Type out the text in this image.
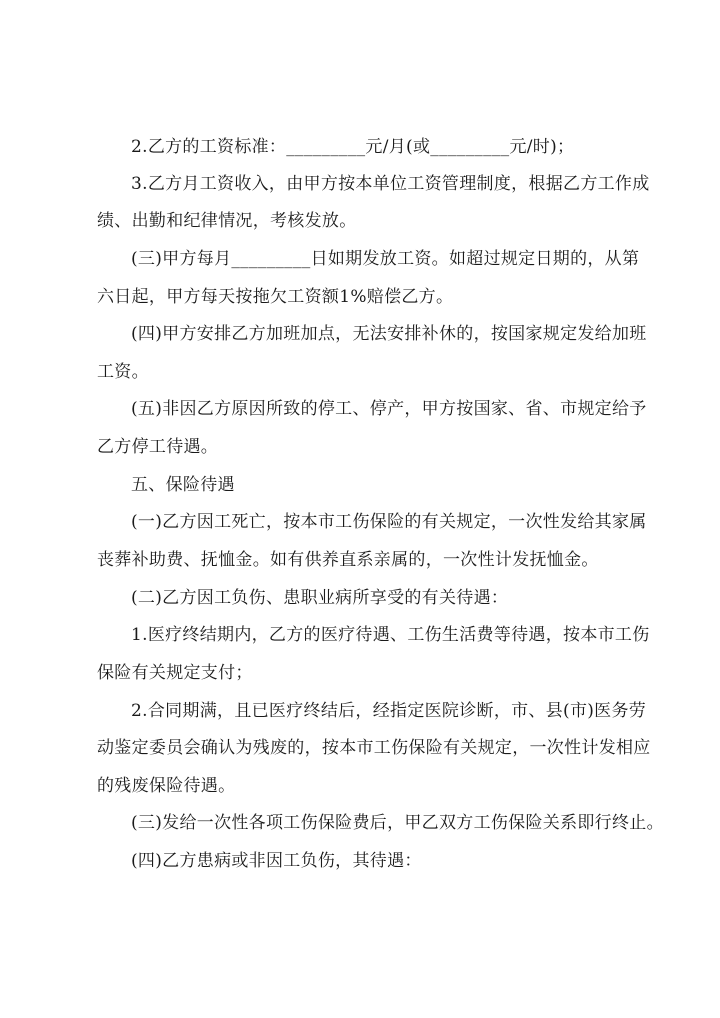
2.乙方的工资标准：_________元/月(或_________元/时)；
3.乙方月工资收入，由甲方按本单位工资管理制度，根据乙方工作成
绩、出勤和纪律情况，考核发放。
(三)甲方每月_________日如期发放工资。如超过规定日期的，从第
六日起，甲方每天按拖欠工资额1%赔偿乙方。
(四)甲方安排乙方加班加点，无法安排补休的，按国家规定发给加班
工资。
(五)非因乙方原因所致的停工、停产，甲方按国家、省、市规定给予
乙方停工待遇。
五、保险待遇
(一)乙方因工死亡，按本市工伤保险的有关规定，一次性发给其家属
丧葬补助费、抚恤金。如有供养直系亲属的，一次性计发抚恤金。
(二)乙方因工负伤、患职业病所享受的有关待遇：
1.医疗终结期内，乙方的医疗待遇、工伤生活费等待遇，按本市工伤
保险有关规定支付；
2.合同期满，且已医疗终结后，经指定医院诊断，市、县(市)医务劳
动鉴定委员会确认为残废的，按本市工伤保险有关规定，一次性计发相应
的残废保险待遇。
(三)发给一次性各项工伤保险费后，甲乙双方工伤保险关系即行终止。
(四)乙方患病或非因工负伤，其待遇：
